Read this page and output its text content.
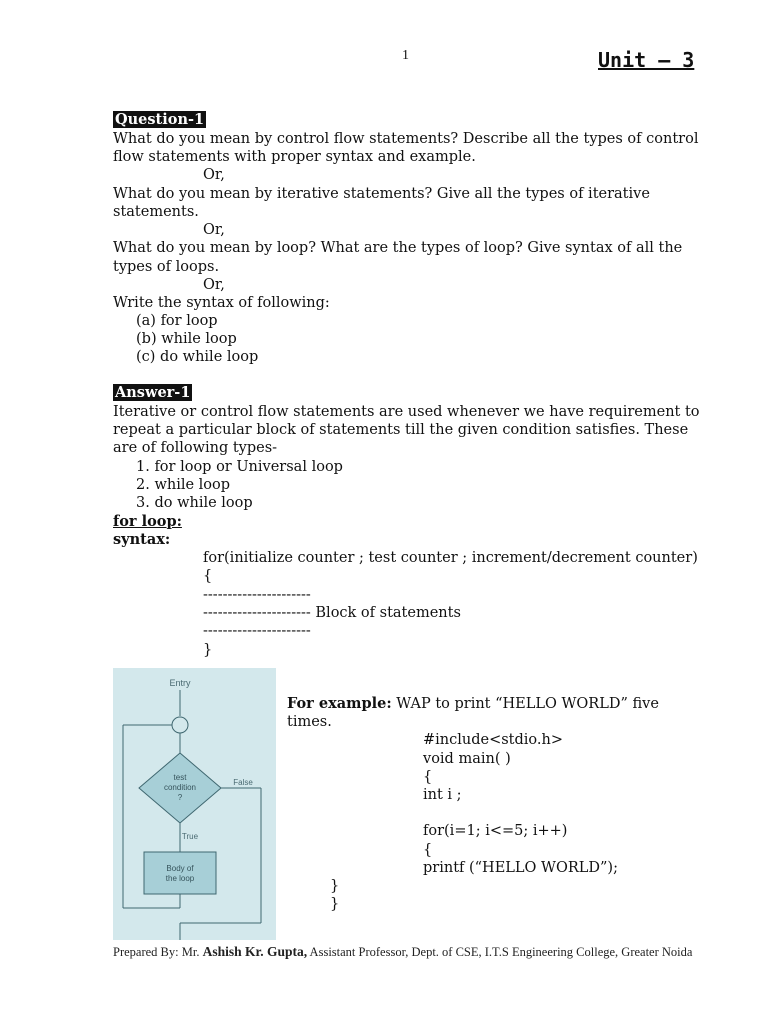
1	Unit – 3
Question-1
What do you mean by control flow statements? Describe all the types of control
flow statements with proper syntax and example.
Or,
What do you mean by iterative statements? Give all the types of iterative
statements.
Or,
What do you mean by loop? What are the types of loop? Give syntax of all the
types of loops.
Or,
Write the syntax of following:
(a) for loop
(b) while loop
(c) do while loop
Answer-1
Iterative or control flow statements are used whenever we have requirement to
repeat a particular block of statements till the given condition satisfies. These
are of following types-
1. for loop or Universal loop
2. while loop
3. do while loop
for loop:
syntax:
for(initialize counter ; test counter ; increment/decrement counter)
{
----------------------
---------------------- Block of statements
----------------------
}
For example: WAP to print “HELLO WORLD” five
times.
#include<stdio.h>
void main( )
{
int i ;
for(i=1; i<=5; i++)
{
printf (“HELLO WORLD”);
}
}
Entry
test
condition
?
False
True
Body of
the loop
Prepared By: Mr. Ashish Kr. Gupta, Assistant Professor, Dept. of CSE, I.T.S Engineering College, Greater Noida
